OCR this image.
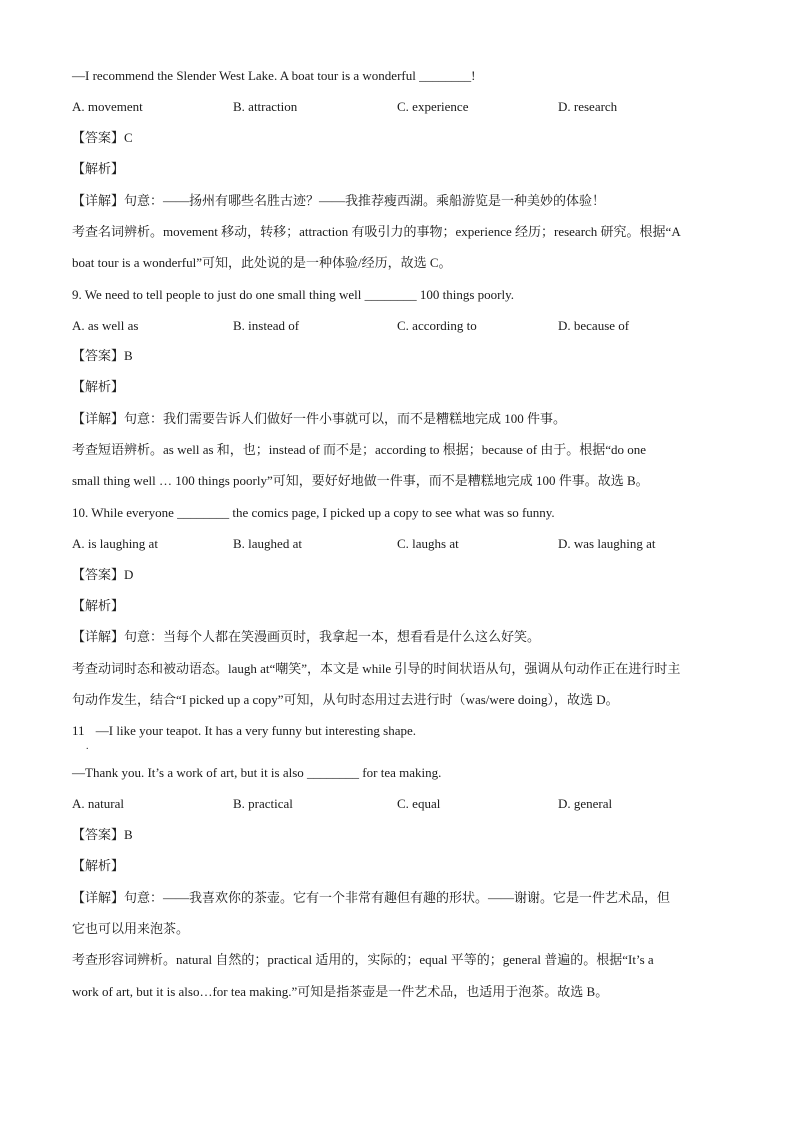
—I recommend the Slender West Lake. A boat tour is a wonderful ________!
A. movement	B. attraction	C. experience	D. research
【答案】C
【解析】
【详解】句意：——扬州有哪些名胜古迹？——我推荐瘦西湖。乘船游览是一种美妙的体验！
考查名词辨析。movement 移动，转移；attraction 有吸引力的事物；experience 经历；research 研究。根据“A
boat tour is a wonderful”可知，此处说的是一种体验/经历，故选 C。
9. We need to tell people to just do one small thing well ________ 100 things poorly.
A. as well as	B. instead of	C. according to	D. because of
【答案】B
【解析】
【详解】句意：我们需要告诉人们做好一件小事就可以，而不是糟糕地完成 100 件事。
考查短语辨析。as well as 和，也；instead of 而不是；according to 根据；because of 由于。根据“do one
small thing well … 100 things poorly”可知，要好好地做一件事，而不是糟糕地完成 100 件事。故选 B。
10. While everyone ________ the comics page, I picked up a copy to see what was so funny.
A. is laughing at	B. laughed at	C. laughs at	D. was laughing at
【答案】D
【解析】
【详解】句意：当每个人都在笑漫画页时，我拿起一本，想看看是什么这么好笑。
考查动词时态和被动语态。laugh at“嘲笑”，本文是 while 引导的时间状语从句，强调从句动作正在进行时主
句动作发生，结合“I picked up a copy”可知，从句时态用过去进行时（was/were doing），故选 D。
11 —I like your teapot. It has a very funny but interesting shape.
.
—Thank you. It’s a work of art, but it is also ________ for tea making.
A. natural	B. practical	C. equal	D. general
【答案】B
【解析】
【详解】句意：——我喜欢你的茶壶。它有一个非常有趣但有趣的形状。——谢谢。它是一件艺术品，但
它也可以用来泡茶。
考查形容词辨析。natural 自然的；practical 适用的，实际的；equal 平等的；general 普遍的。根据“It’s a
work of art, but it is also…for tea making.”可知是指茶壶是一件艺术品，也适用于泡茶。故选 B。
